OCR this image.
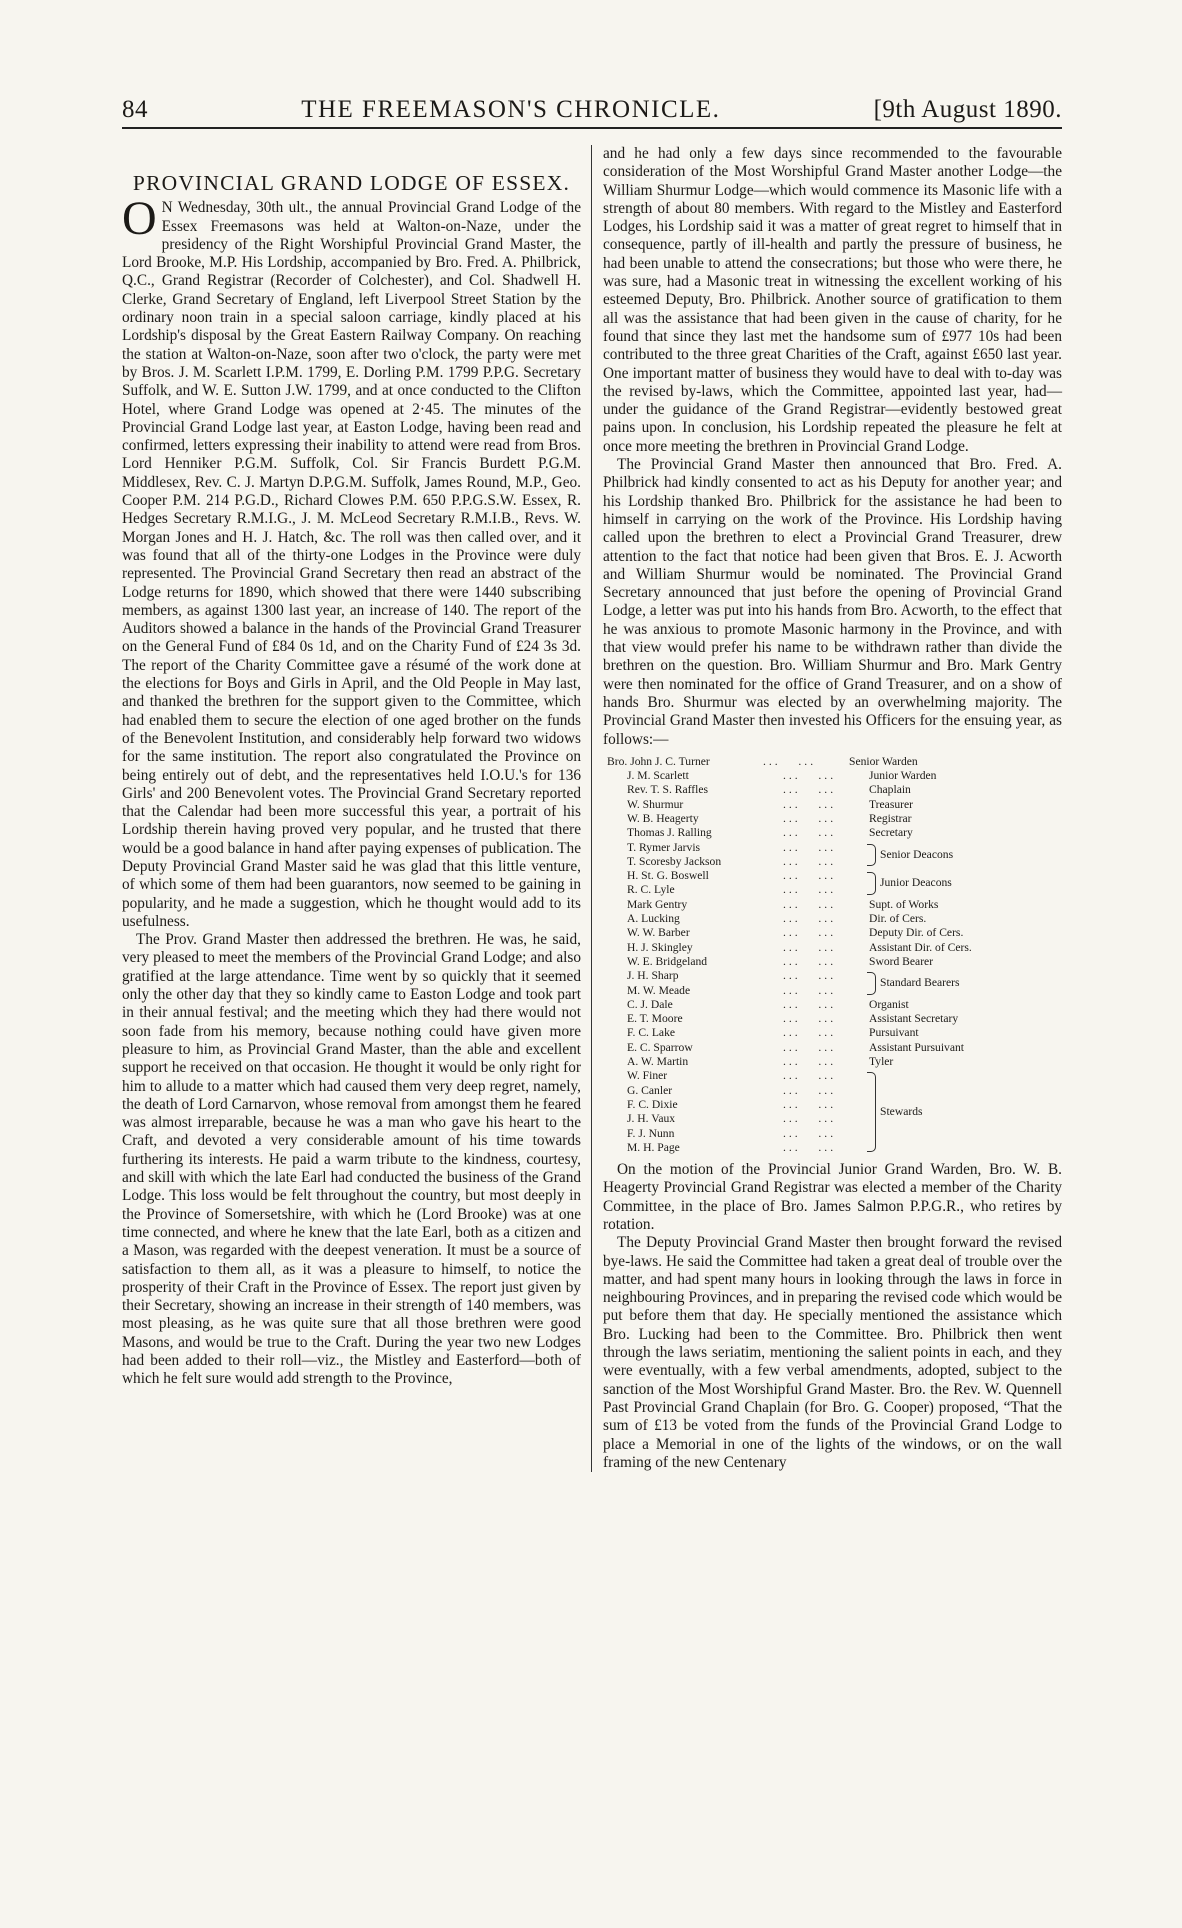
84	THE FREEMASON'S CHRONICLE.	[9th August 1890.
PROVINCIAL GRAND LODGE OF ESSEX.

O N Wednesday, 30th ult., the annual Provincial Grand Lodge of the Essex Freemasons was held at Walton-on-Naze, under the presidency of the Right Worshipful Provincial Grand Master, the Lord Brooke, M.P. His Lordship, accompanied by Bro. Fred. A. Philbrick, Q.C., Grand Registrar (Recorder of Colchester), and Col. Shadwell H. Clerke, Grand Secretary of England, left Liverpool Street Station by the ordinary noon train in a special saloon carriage, kindly placed at his Lordship's disposal by the Great Eastern Railway Company. On reaching the station at Walton-on-Naze, soon after two o'clock, the party were met by Bros. J. M. Scarlett I.P.M. 1799, E. Dorling P.M. 1799 P.P.G. Secretary Suffolk, and W. E. Sutton J.W. 1799, and at once conducted to the Clifton Hotel, where Grand Lodge was opened at 2·45. The minutes of the Provincial Grand Lodge last year, at Easton Lodge, having been read and confirmed, letters expressing their inability to attend were read from Bros. Lord Henniker P.G.M. Suffolk, Col. Sir Francis Burdett P.G.M. Middlesex, Rev. C. J. Martyn D.P.G.M. Suffolk, James Round, M.P., Geo. Cooper P.M. 214 P.G.D., Richard Clowes P.M. 650 P.P.G.S.W. Essex, R. Hedges Secretary R.M.I.G., J. M. McLeod Secretary R.M.I.B., Revs. W. Morgan Jones and H. J. Hatch, &c. The roll was then called over, and it was found that all of the thirty-one Lodges in the Province were duly represented. The Provincial Grand Secretary then read an abstract of the Lodge returns for 1890, which showed that there were 1440 subscribing members, as against 1300 last year, an increase of 140. The report of the Auditors showed a balance in the hands of the Provincial Grand Treasurer on the General Fund of £84 0s 1d, and on the Charity Fund of £24 3s 3d. The report of the Charity Committee gave a résumé of the work done at the elections for Boys and Girls in April, and the Old People in May last, and thanked the brethren for the support given to the Committee, which had enabled them to secure the election of one aged brother on the funds of the Benevolent Institution, and considerably help forward two widows for the same institution. The report also congratulated the Province on being entirely out of debt, and the representatives held I.O.U.'s for 136 Girls' and 200 Benevolent votes. The Provincial Grand Secretary reported that the Calendar had been more successful this year, a portrait of his Lordship therein having proved very popular, and he trusted that there would be a good balance in hand after paying expenses of publication. The Deputy Provincial Grand Master said he was glad that this little venture, of which some of them had been guarantors, now seemed to be gaining in popularity, and he made a suggestion, which he thought would add to its usefulness.

The Prov. Grand Master then addressed the brethren. He was, he said, very pleased to meet the members of the Provincial Grand Lodge; and also gratified at the large attendance. Time went by so quickly that it seemed only the other day that they so kindly came to Easton Lodge and took part in their annual festival; and the meeting which they had there would not soon fade from his memory, because nothing could have given more pleasure to him, as Provincial Grand Master, than the able and excellent support he received on that occasion. He thought it would be only right for him to allude to a matter which had caused them very deep regret, namely, the death of Lord Carnarvon, whose removal from amongst them he feared was almost irreparable, because he was a man who gave his heart to the Craft, and devoted a very considerable amount of his time towards furthering its interests. He paid a warm tribute to the kindness, courtesy, and skill with which the late Earl had conducted the business of the Grand Lodge. This loss would be felt throughout the country, but most deeply in the Province of Somersetshire, with which he (Lord Brooke) was at one time connected, and where he knew that the late Earl, both as a citizen and a Mason, was regarded with the deepest veneration. It must be a source of satisfaction to them all, as it was a pleasure to himself, to notice the prosperity of their Craft in the Province of Essex. The report just given by their Secretary, showing an increase in their strength of 140 members, was most pleasing, as he was quite sure that all those brethren were good Masons, and would be true to the Craft. During the year two new Lodges had been added to their roll—viz., the Mistley and Easterford—both of which he felt sure would add strength to the Province,

and he had only a few days since recommended to the favourable consideration of the Most Worshipful Grand Master another Lodge—the William Shurmur Lodge—which would commence its Masonic life with a strength of about 80 members. With regard to the Mistley and Easterford Lodges, his Lordship said it was a matter of great regret to himself that in consequence, partly of ill-health and partly the pressure of business, he had been unable to attend the consecrations; but those who were there, he was sure, had a Masonic treat in witnessing the excellent working of his esteemed Deputy, Bro. Philbrick. Another source of gratification to them all was the assistance that had been given in the cause of charity, for he found that since they last met the handsome sum of £977 10s had been contributed to the three great Charities of the Craft, against £650 last year. One important matter of business they would have to deal with to-day was the revised by-laws, which the Committee, appointed last year, had—under the guidance of the Grand Registrar—evidently bestowed great pains upon. In conclusion, his Lordship repeated the pleasure he felt at once more meeting the brethren in Provincial Grand Lodge.

The Provincial Grand Master then announced that Bro. Fred. A. Philbrick had kindly consented to act as his Deputy for another year; and his Lordship thanked Bro. Philbrick for the assistance he had been to himself in carrying on the work of the Province. His Lordship having called upon the brethren to elect a Provincial Grand Treasurer, drew attention to the fact that notice had been given that Bros. E. J. Acworth and William Shurmur would be nominated. The Provincial Grand Secretary announced that just before the opening of Provincial Grand Lodge, a letter was put into his hands from Bro. Acworth, to the effect that he was anxious to promote Masonic harmony in the Province, and with that view would prefer his name to be withdrawn rather than divide the brethren on the question. Bro. William Shurmur and Bro. Mark Gentry were then nominated for the office of Grand Treasurer, and on a show of hands Bro. Shurmur was elected by an overwhelming majority. The Provincial Grand Master then invested his Officers for the ensuing year, as follows:—

Bro. John J. C. Turner	...   ...	Senior Warden
J. M. Scarlett	...   ...	Junior Warden
Rev. T. S. Raffles	...   ...	Chaplain
W. Shurmur	...   ...	Treasurer
W. B. Heagerty	...   ...	Registrar
Thomas J. Ralling	...   ...	Secretary
T. Rymer Jarvis	...   ...
T. Scoresby Jackson	...   ...
Senior Deacons
H. St. G. Boswell	...   ...
R. C. Lyle	...   ...
Junior Deacons
Mark Gentry	...   ...	Supt. of Works
A. Lucking	...   ...	Dir. of Cers.
W. W. Barber	...   ...	Deputy Dir. of Cers.
H. J. Skingley	...   ...	Assistant Dir. of Cers.
W. E. Bridgeland	...   ...	Sword Bearer
J. H. Sharp	...   ...
M. W. Meade	...   ...
Standard Bearers
C. J. Dale	...   ...	Organist
E. T. Moore	...   ...	Assistant Secretary
F. C. Lake	...   ...	Pursuivant
E. C. Sparrow	...   ...	Assistant Pursuivant
A. W. Martin	...   ...	Tyler
W. Finer	...   ...
G. Canler	...   ...
F. C. Dixie	...   ...
J. H. Vaux	...   ...
F. J. Nunn	...   ...
M. H. Page	...   ...
Stewards

On the motion of the Provincial Junior Grand Warden, Bro. W. B. Heagerty Provincial Grand Registrar was elected a member of the Charity Committee, in the place of Bro. James Salmon P.P.G.R., who retires by rotation.

The Deputy Provincial Grand Master then brought forward the revised bye-laws. He said the Committee had taken a great deal of trouble over the matter, and had spent many hours in looking through the laws in force in neighbouring Provinces, and in preparing the revised code which would be put before them that day. He specially mentioned the assistance which Bro. Lucking had been to the Committee. Bro. Philbrick then went through the laws seriatim, mentioning the salient points in each, and they were eventually, with a few verbal amendments, adopted, subject to the sanction of the Most Worshipful Grand Master. Bro. the Rev. W. Quennell Past Provincial Grand Chaplain (for Bro. G. Cooper) proposed, “That the sum of £13 be voted from the funds of the Provincial Grand Lodge to place a Memorial in one of the lights of the windows, or on the wall framing of the new Centenary
